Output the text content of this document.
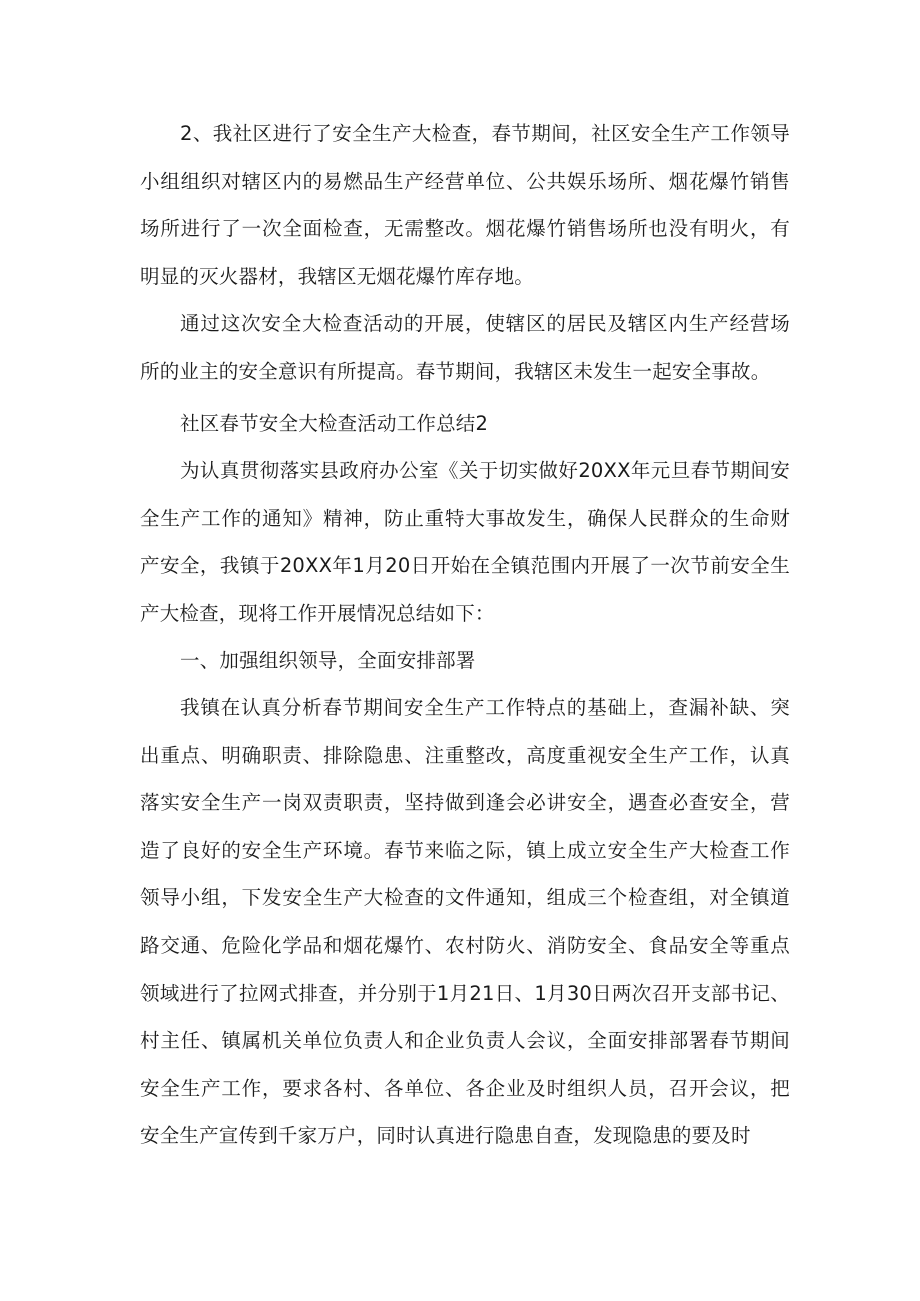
2、我社区进行了安全生产大检查，春节期间，社区安全生产工作领导小组组织对辖区内的易燃品生产经营单位、公共娱乐场所、烟花爆竹销售场所进行了一次全面检查，无需整改。烟花爆竹销售场所也没有明火，有明显的灭火器材，我辖区无烟花爆竹库存地。

通过这次安全大检查活动的开展，使辖区的居民及辖区内生产经营场所的业主的安全意识有所提高。春节期间，我辖区未发生一起安全事故。

社区春节安全大检查活动工作总结2

为认真贯彻落实县政府办公室《关于切实做好20XX年元旦春节期间安全生产工作的通知》精神，防止重特大事故发生，确保人民群众的生命财产安全，我镇于20XX年1月20日开始在全镇范围内开展了一次节前安全生产大检查，现将工作开展情况总结如下：

一、加强组织领导，全面安排部署

我镇在认真分析春节期间安全生产工作特点的基础上，查漏补缺、突出重点、明确职责、排除隐患、注重整改，高度重视安全生产工作，认真落实安全生产一岗双责职责，坚持做到逢会必讲安全，遇查必查安全，营造了良好的安全生产环境。春节来临之际，镇上成立安全生产大检查工作领导小组，下发安全生产大检查的文件通知，组成三个检查组，对全镇道路交通、危险化学品和烟花爆竹、农村防火、消防安全、食品安全等重点领域进行了拉网式排查，并分别于1月21日、1月30日两次召开支部书记、村主任、镇属机关单位负责人和企业负责人会议，全面安排部署春节期间安全生产工作，要求各村、各单位、各企业及时组织人员，召开会议，把安全生产宣传到千家万户，同时认真进行隐患自查，发现隐患的要及时
